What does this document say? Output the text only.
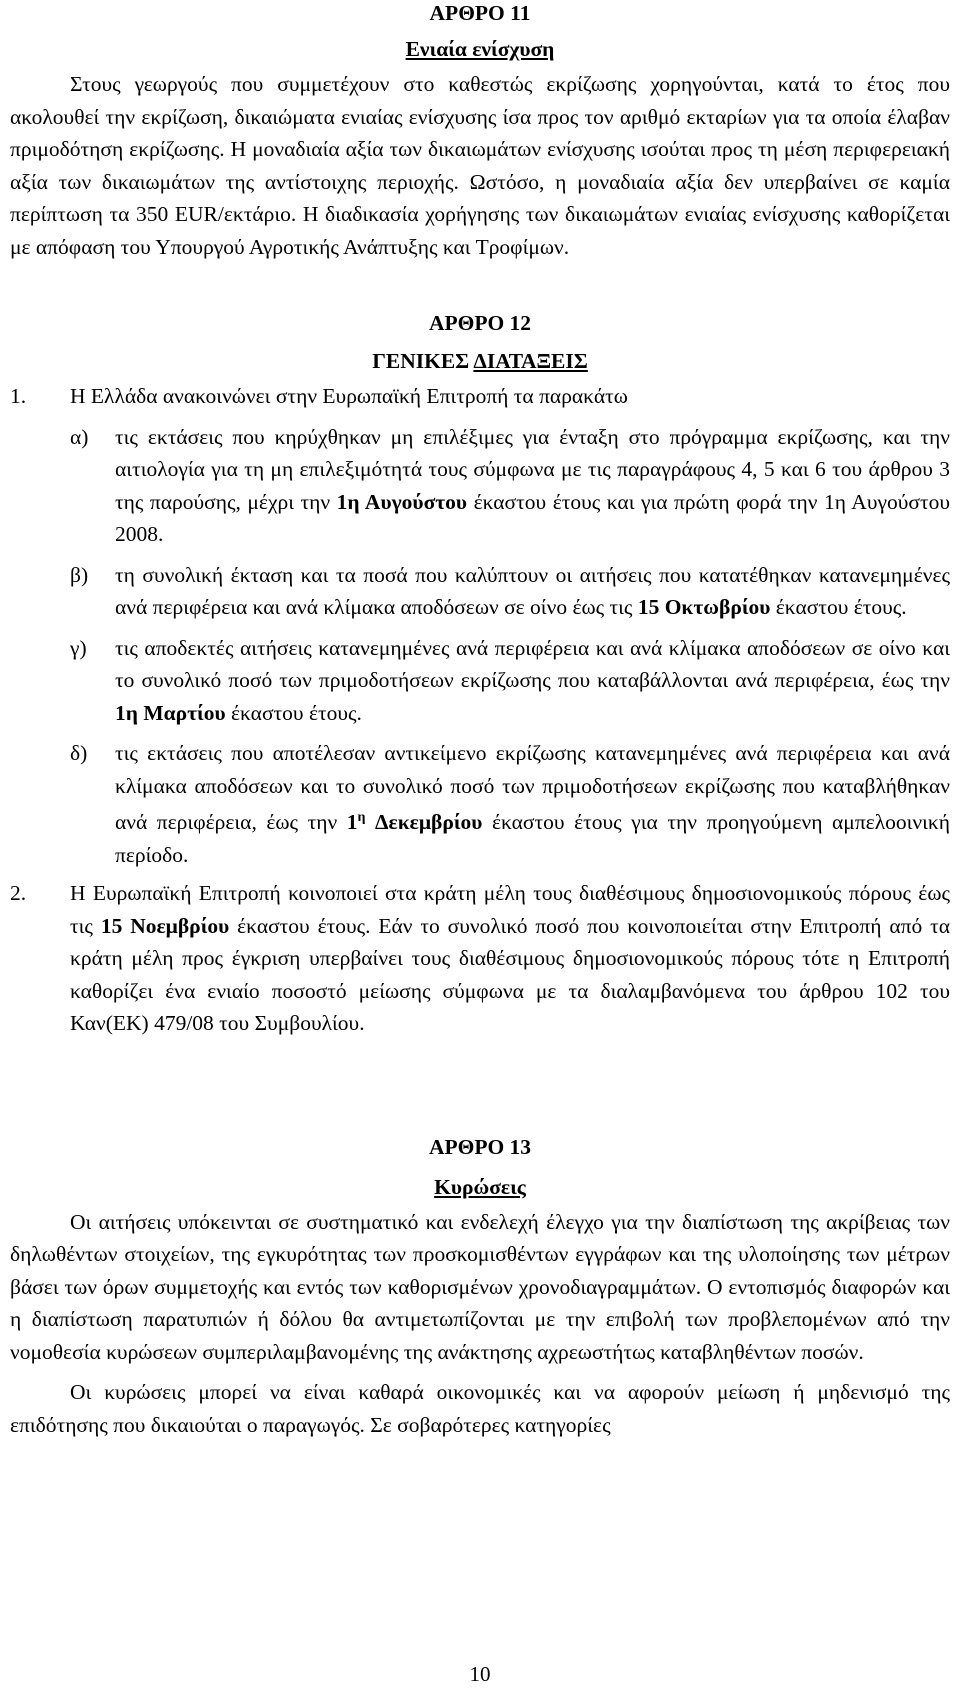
ΑΡΘΡΟ 11
Ενιαία ενίσχυση

Στους γεωργούς που συμμετέχουν στο καθεστώς εκρίζωσης χορηγούνται, κατά το έτος που ακολουθεί την εκρίζωση, δικαιώματα ενιαίας ενίσχυσης ίσα προς τον αριθμό εκταρίων για τα οποία έλαβαν πριμοδότηση εκρίζωσης. Η μοναδιαία αξία των δικαιωμάτων ενίσχυσης ισούται προς τη μέση περιφερειακή αξία των δικαιωμάτων της αντίστοιχης περιοχής. Ωστόσο, η μοναδιαία αξία δεν υπερβαίνει σε καμία περίπτωση τα 350 EUR/εκτάριο. Η διαδικασία χορήγησης των δικαιωμάτων ενιαίας ενίσχυσης καθορίζεται με απόφαση του Υπουργού Αγροτικής Ανάπτυξης και Τροφίμων.

ΑΡΘΡΟ 12
ΓΕΝΙΚΕΣ ΔΙΑΤΑΞΕΙΣ

1. Η Ελλάδα ανακοινώνει στην Ευρωπαϊκή Επιτροπή τα παρακάτω

α) τις εκτάσεις που κηρύχθηκαν μη επιλέξιμες για ένταξη στο πρόγραμμα εκρίζωσης, και την αιτιολογία για τη μη επιλεξιμότητά τους σύμφωνα με τις παραγράφους 4, 5 και 6 του άρθρου 3 της παρούσης, μέχρι την 1η Αυγούστου έκαστου έτους και για πρώτη φορά την 1η Αυγούστου 2008.

β) τη συνολική έκταση και τα ποσά που καλύπτουν οι αιτήσεις που κατατέθηκαν κατανεμημένες ανά περιφέρεια και ανά κλίμακα αποδόσεων σε οίνο έως τις 15 Οκτωβρίου έκαστου έτους.

γ) τις αποδεκτές αιτήσεις κατανεμημένες ανά περιφέρεια και ανά κλίμακα αποδόσεων σε οίνο και το συνολικό ποσό των πριμοδοτήσεων εκρίζωσης που καταβάλλονται ανά περιφέρεια, έως την 1η Μαρτίου έκαστου έτους.

δ) τις εκτάσεις που αποτέλεσαν αντικείμενο εκρίζωσης κατανεμημένες ανά περιφέρεια και ανά κλίμακα αποδόσεων και το συνολικό ποσό των πριμοδοτήσεων εκρίζωσης που καταβλήθηκαν ανά περιφέρεια, έως την $1^\eta$ Δεκεμβρίου έκαστου έτους για την προηγούμενη αμπελοοινική περίοδο.

2. Η Ευρωπαϊκή Επιτροπή κοινοποιεί στα κράτη μέλη τους διαθέσιμους δημοσιονομικούς πόρους έως τις 15 Νοεμβρίου έκαστου έτους. Εάν το συνολικό ποσό που κοινοποιείται στην Επιτροπή από τα κράτη μέλη προς έγκριση υπερβαίνει τους διαθέσιμους δημοσιονομικούς πόρους τότε η Επιτροπή καθορίζει ένα ενιαίο ποσοστό μείωσης σύμφωνα με τα διαλαμβανόμενα του άρθρου 102 του Καν(ΕΚ) 479/08 του Συμβουλίου.

ΑΡΘΡΟ 13
Κυρώσεις

Οι αιτήσεις υπόκεινται σε συστηματικό και ενδελεχή έλεγχο για την διαπίστωση της ακρίβειας των δηλωθέντων στοιχείων, της εγκυρότητας των προσκομισθέντων εγγράφων και της υλοποίησης των μέτρων βάσει των όρων συμμετοχής και εντός των καθορισμένων χρονοδιαγραμμάτων. Ο εντοπισμός διαφορών και η διαπίστωση παρατυπιών ή δόλου θα αντιμετωπίζονται με την επιβολή των προβλεπομένων από την νομοθεσία κυρώσεων συμπεριλαμβανομένης της ανάκτησης αχρεωστήτως καταβληθέντων ποσών.

Οι κυρώσεις μπορεί να είναι καθαρά οικονομικές και να αφορούν μείωση ή μηδενισμό της επιδότησης που δικαιούται ο παραγωγός. Σε σοβαρότερες κατηγορίες

10
